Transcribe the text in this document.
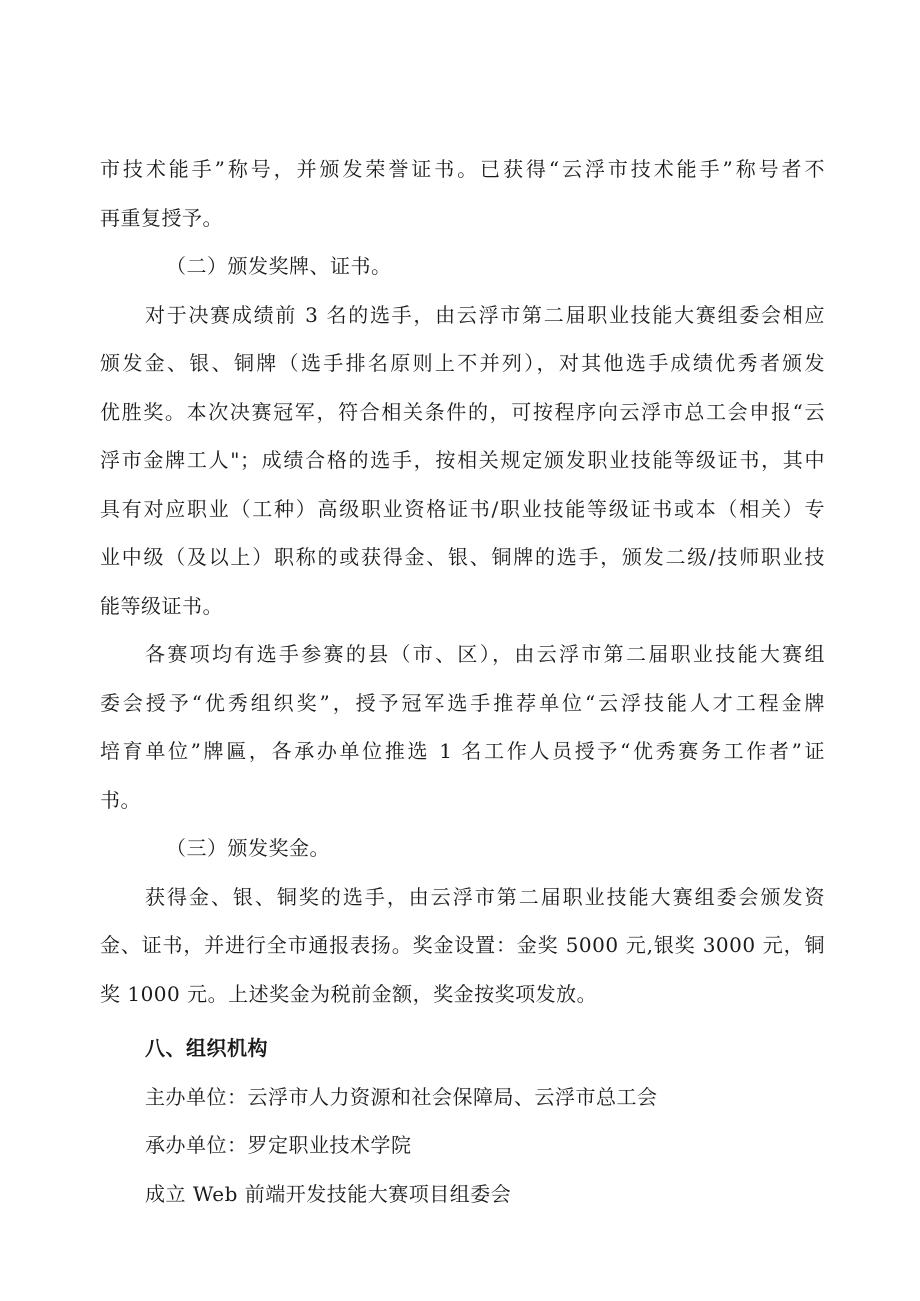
市技术能手”称号，并颁发荣誉证书。已获得“云浮市技术能手”称号者不
再重复授予。
（二）颁发奖牌、证书。
对于决赛成绩前 3 名的选手，由云浮市第二届职业技能大赛组委会相应
颁发金、银、铜牌（选手排名原则上不并列），对其他选手成绩优秀者颁发
优胜奖。本次决赛冠军，符合相关条件的，可按程序向云浮市总工会申报“云
浮市金牌工人"；成绩合格的选手，按相关规定颁发职业技能等级证书，其中
具有对应职业（工种）高级职业资格证书/职业技能等级证书或本（相关）专
业中级（及以上）职称的或获得金、银、铜牌的选手，颁发二级/技师职业技
能等级证书。
各赛项均有选手参赛的县（市、区），由云浮市第二届职业技能大赛组
委会授予“优秀组织奖”，授予冠军选手推荐单位“云浮技能人才工程金牌
培育单位”牌匾，各承办单位推选 1 名工作人员授予“优秀赛务工作者”证
书。
（三）颁发奖金。
获得金、银、铜奖的选手，由云浮市第二届职业技能大赛组委会颁发资
金、证书，并进行全市通报表扬。奖金设置：金奖 5000 元,银奖 3000 元，铜
奖 1000 元。上述奖金为税前金额，奖金按奖项发放。
八、组织机构
主办单位：云浮市人力资源和社会保障局、云浮市总工会
承办单位：罗定职业技术学院
成立 Web 前端开发技能大赛项目组委会
